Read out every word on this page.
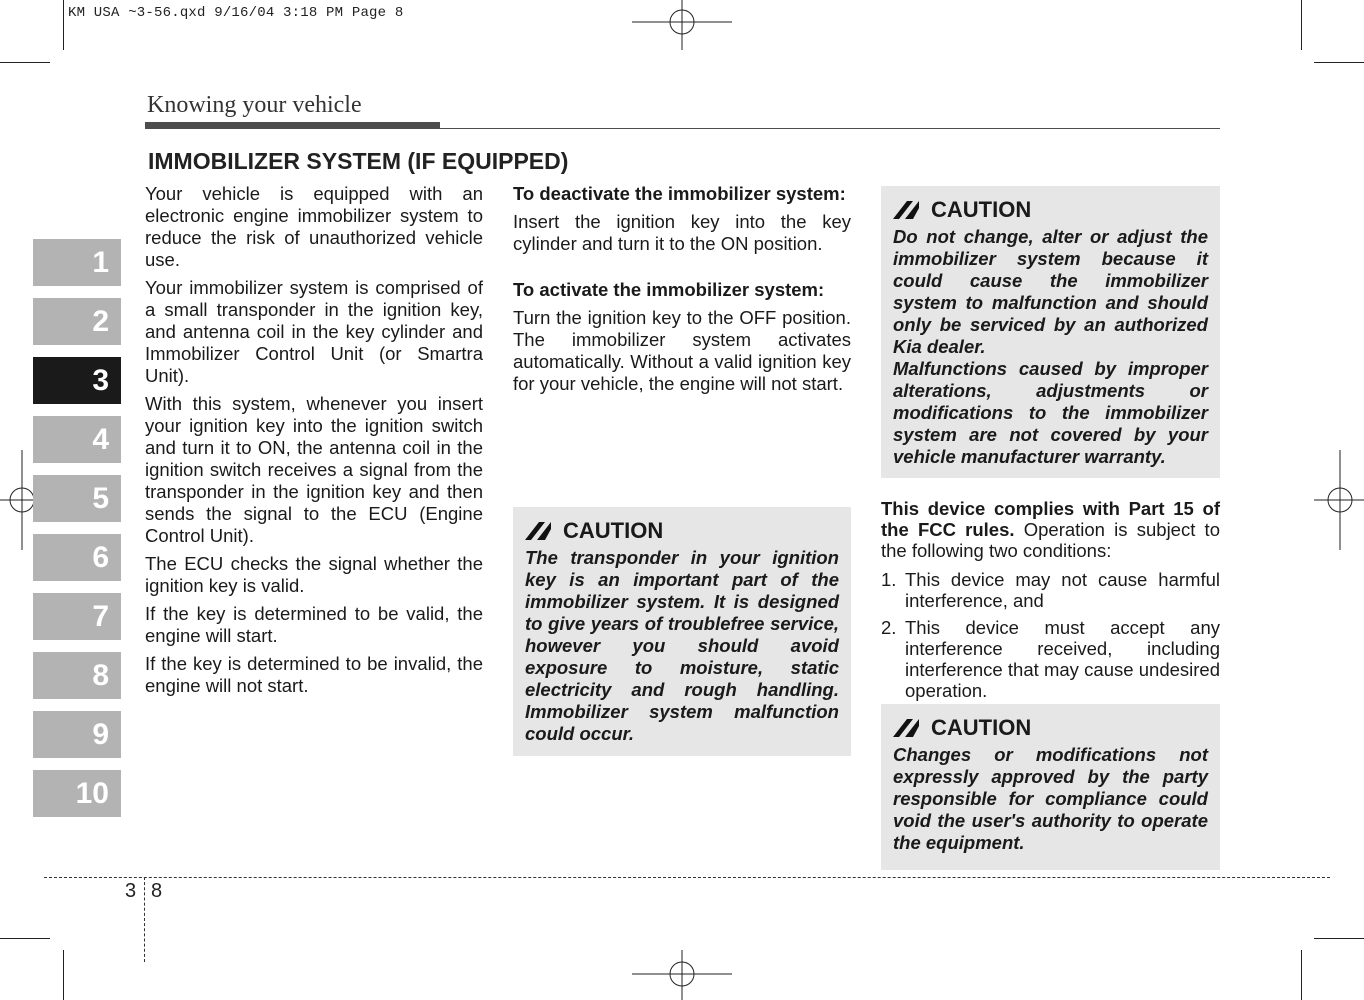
KM USA ~3-56.qxd 9/16/04 3:18 PM Page 8
Knowing your vehicle
IMMOBILIZER SYSTEM (IF EQUIPPED)
1
2
3
4
5
6
7
8
9
10

Your vehicle is equipped with an electronic engine immobilizer system to reduce the risk of unauthorized vehicle use.

Your immobilizer system is comprised of a small transponder in the ignition key, and antenna coil in the key cylinder and Immobilizer Control Unit (or Smartra Unit).

With this system, whenever you insert your ignition key into the ignition switch and turn it to ON, the antenna coil in the ignition switch receives a signal from the transponder in the ignition key and then sends the signal to the ECU (Engine Control Unit).

The ECU checks the signal whether the ignition key is valid.

If the key is determined to be valid, the engine will start.

If the key is determined to be invalid, the engine will not start.

To deactivate the immobilizer system:

Insert the ignition key into the key cylinder and turn it to the ON position.

To activate the immobilizer system:

Turn the ignition key to the OFF position. The immobilizer system activates automatically. Without a valid ignition key for your vehicle, the engine will not start.

CAUTION

The transponder in your ignition key is an important part of the immobilizer system. It is designed to give years of troublefree service, however you should avoid exposure to moisture, static electricity and rough handling. Immobilizer system malfunction could occur.

CAUTION

Do not change, alter or adjust the immobilizer system because it could cause the immobilizer system to malfunction and should only be serviced by an authorized Kia dealer.

Malfunctions caused by improper alterations, adjustments or modifications to the immobilizer system are not covered by your vehicle manufacturer warranty.

This device complies with Part 15 of the FCC rules. Operation is subject to the following two conditions:

1. This device may not cause harmful interference, and
2. This device must accept any interference received, including interference that may cause undesired operation.
CAUTION

Changes or modifications not expressly approved by the party responsible for compliance could void the user's authority to operate the equipment.

3 8
